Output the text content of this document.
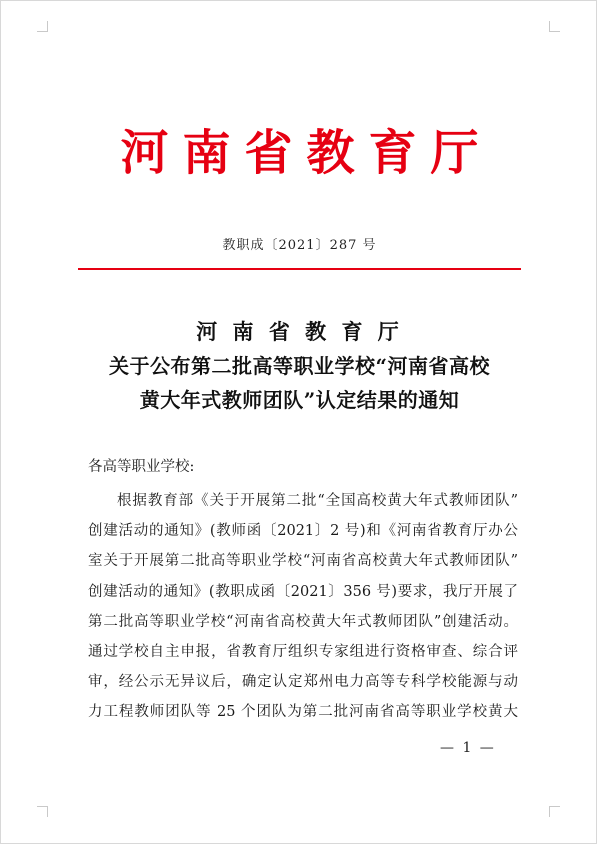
河南省教育厅
教职成〔2021〕287 号
河 南 省 教 育 厅
关于公布第二批高等职业学校“河南省高校
黄大年式教师团队”认定结果的通知
各高等职业学校:
根据教育部《关于开展第二批“全国高校黄大年式教师团队”
创建活动的通知》(教师函〔2021〕2 号)和《河南省教育厅办公
室关于开展第二批高等职业学校“河南省高校黄大年式教师团队”
创建活动的通知》(教职成函〔2021〕356 号)要求，我厅开展了
第二批高等职业学校“河南省高校黄大年式教师团队”创建活动。
通过学校自主申报，省教育厅组织专家组进行资格审查、综合评
审，经公示无异议后，确定认定郑州电力高等专科学校能源与动
力工程教师团队等 25 个团队为第二批河南省高等职业学校黄大
— 1 —
